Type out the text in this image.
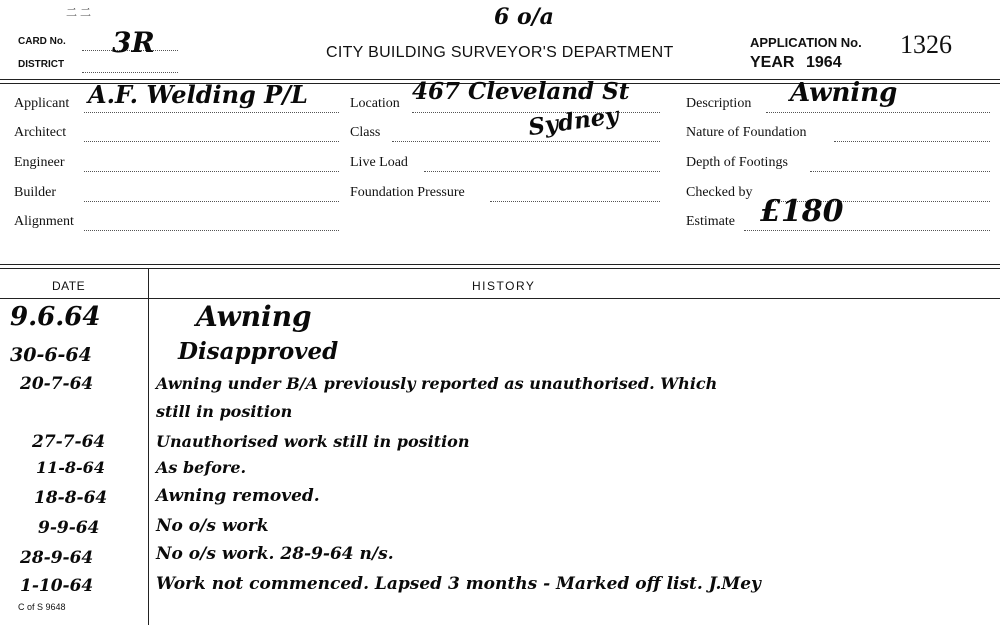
6 o/a
二 二
CARD No. 3R
DISTRICT
CITY BUILDING SURVEYOR'S DEPARTMENT
APPLICATION No. 1326
YEAR 1964
Applicant A.F. Welding P/L
Architect
Engineer
Builder
Alignment
Location 467 Cleveland St
Sydney
Class
Live Load
Foundation Pressure
Description Awning
Nature of Foundation
Depth of Footings
Checked by
Estimate £180
DATE	HISTORY
9.6.64	Awning
30-6-64	Disapproved
20-7-64	Awning under B/A previously reported as unauthorised. Which
still in position
27-7-64	Unauthorised work still in position
11-8-64	As before.
18-8-64	Awning removed.
9-9-64	No o/s work
28-9-64	No o/s work. 28-9-64 n/s.
1-10-64	Work not commenced. Lapsed 3 months - Marked off list. J.Mey
C of S 9648
